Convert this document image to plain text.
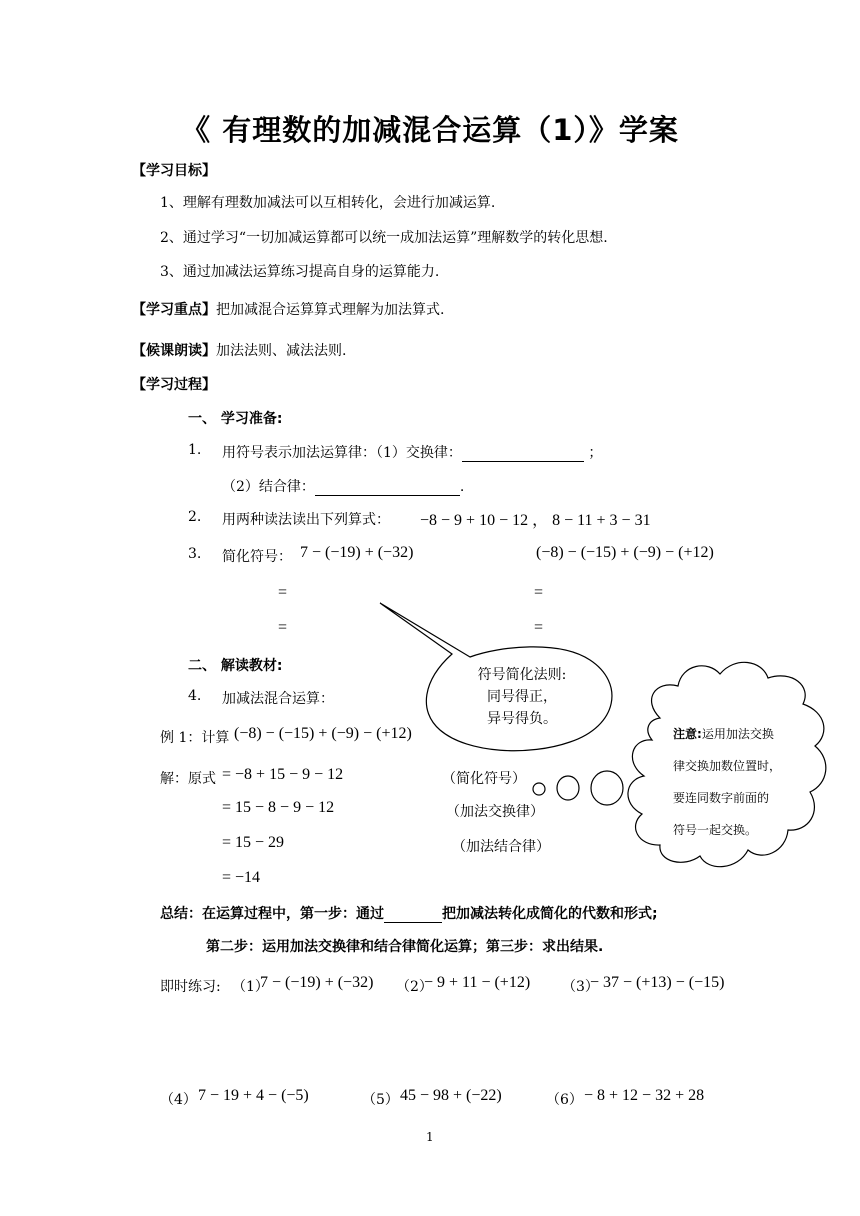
《 有理数的加减混合运算（1）》学案
【学习目标】
1、理解有理数加减法可以互相转化，会进行加减运算.
2、通过学习“一切加减运算都可以统一成加法运算”理解数学的转化思想.
3、通过加减法运算练习提高自身的运算能力.
【学习重点】把加减混合运算算式理解为加法算式.
【候课朗读】加法法则、减法法则.
【学习过程】
一、 学习准备:
1. 用符号表示加法运算律：（1）交换律：	；
（2）结合律：	.
2. 用两种读法读出下列算式： −8 − 9 + 10 − 12 ， 8 − 11 + 3 − 31
3. 简化符号： 7 − (−19) + (−32)	(−8) − (−15) + (−9) − (+12)
=	=
=	=
二、 解读教材:
4. 加减法混合运算：
符号简化法则:
同号得正，
异号得负。
注意:运用加法交换
律交换加数位置时，
要连同数字前面的
符号一起交换。
例 1：计算 (−8) − (−15) + (−9) − (+12)
解：原式 = −8 + 15 − 9 − 12	（简化符号）
= 15 − 8 − 9 − 12	（加法交换律）
= 15 − 29	（加法结合律）
= −14
总结：在运算过程中，第一步：通过	把加减法转化成简化的代数和形式;
第二步：运用加法交换律和结合律简化运算；第三步：求出结果.
即时练习: （1）
7 − (−19) + (−32) （2）
− 9 + 11 − (+12) （3）
− 37 − (+13) − (−15)
（4） 7 − 19 + 4 − (−5)	（5） 45 − 98 + (−22)	（6） − 8 + 12 − 32 + 28
1
